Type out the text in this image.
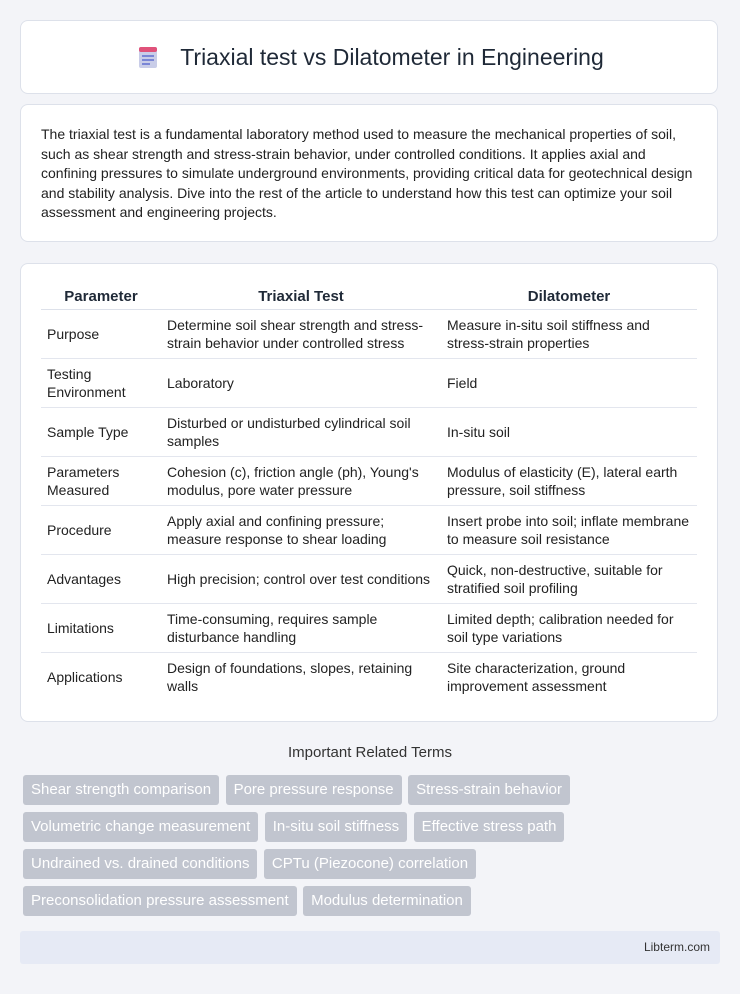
Triaxial test vs Dilatometer in Engineering

The triaxial test is a fundamental laboratory method used to measure the mechanical properties of soil, such as shear strength and stress-strain behavior, under controlled conditions. It applies axial and confining pressures to simulate underground environments, providing critical data for geotechnical design and stability analysis. Dive into the rest of the article to understand how this test can optimize your soil assessment and engineering projects.

Parameter	Triaxial Test	Dilatometer
Purpose	Determine soil shear strength and stress-strain behavior under controlled stress	Measure in-situ soil stiffness and stress-strain properties
Testing Environment	Laboratory	Field
Sample Type	Disturbed or undisturbed cylindrical soil samples	In-situ soil
Parameters Measured	Cohesion (c), friction angle (ph), Young's modulus, pore water pressure	Modulus of elasticity (E), lateral earth pressure, soil stiffness
Procedure	Apply axial and confining pressure; measure response to shear loading	Insert probe into soil; inflate membrane to measure soil resistance
Advantages	High precision; control over test conditions	Quick, non-destructive, suitable for stratified soil profiling
Limitations	Time-consuming, requires sample disturbance handling	Limited depth; calibration needed for soil type variations
Applications	Design of foundations, slopes, retaining walls	Site characterization, ground improvement assessment
Important Related Terms
Shear strength comparison Pore pressure response Stress-strain behavior Volumetric change measurement In-situ soil stiffness Effective stress path Undrained vs. drained conditions CPTu (Piezocone) correlation Preconsolidation pressure assessment Modulus determination
Libterm.com
